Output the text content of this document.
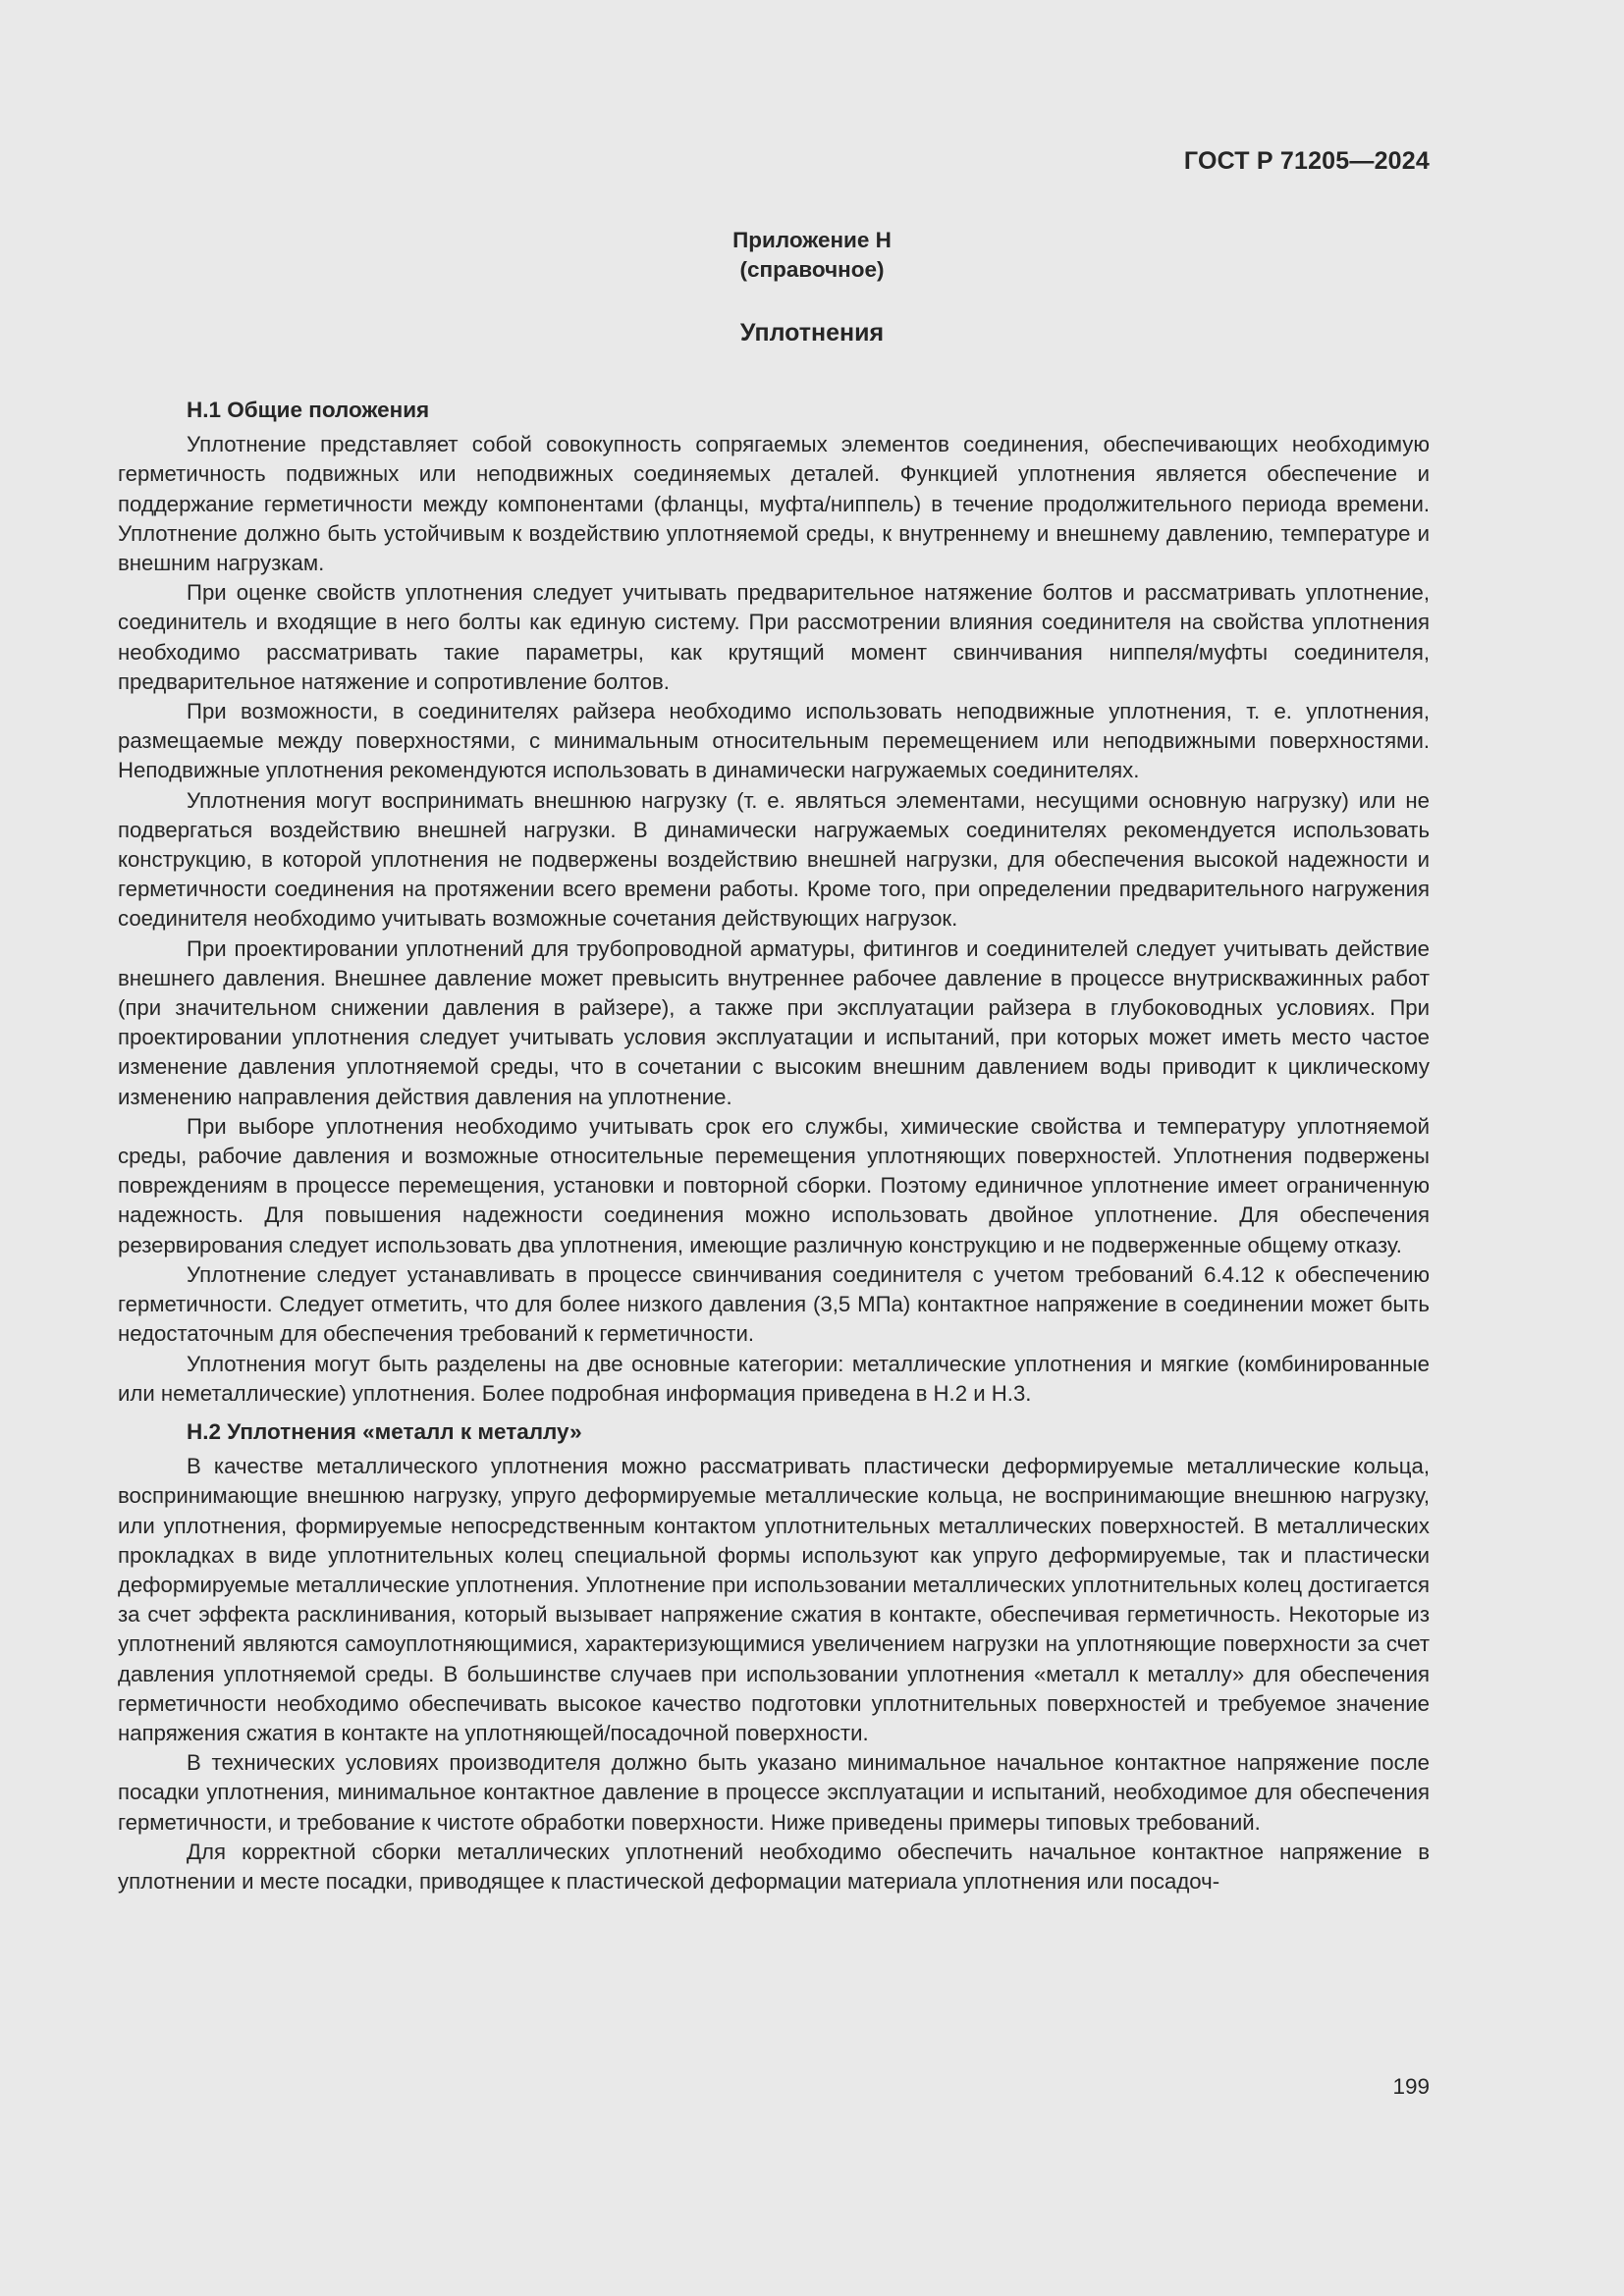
ГОСТ Р 71205—2024
Приложение Н
(справочное)
Уплотнения
Н.1 Общие положения

Уплотнение представляет собой совокупность сопрягаемых элементов соединения, обеспечивающих необходимую герметичность подвижных или неподвижных соединяемых деталей. Функцией уплотнения является обеспечение и поддержание герметичности между компонентами (фланцы, муфта/ниппель) в течение продолжительного периода времени. Уплотнение должно быть устойчивым к воздействию уплотняемой среды, к внутреннему и внешнему давлению, температуре и внешним нагрузкам.

При оценке свойств уплотнения следует учитывать предварительное натяжение болтов и рассматривать уплотнение, соединитель и входящие в него болты как единую систему. При рассмотрении влияния соединителя на свойства уплотнения необходимо рассматривать такие параметры, как крутящий момент свинчивания ниппеля/муфты соединителя, предварительное натяжение и сопротивление болтов.

При возможности, в соединителях райзера необходимо использовать неподвижные уплотнения, т. е. уплотнения, размещаемые между поверхностями, с минимальным относительным перемещением или неподвижными поверхностями. Неподвижные уплотнения рекомендуются использовать в динамически нагружаемых соединителях.

Уплотнения могут воспринимать внешнюю нагрузку (т. е. являться элементами, несущими основную нагрузку) или не подвергаться воздействию внешней нагрузки. В динамически нагружаемых соединителях рекомендуется использовать конструкцию, в которой уплотнения не подвержены воздействию внешней нагрузки, для обеспечения высокой надежности и герметичности соединения на протяжении всего времени работы. Кроме того, при определении предварительного нагружения соединителя необходимо учитывать возможные сочетания действующих нагрузок.

При проектировании уплотнений для трубопроводной арматуры, фитингов и соединителей следует учитывать действие внешнего давления. Внешнее давление может превысить внутреннее рабочее давление в процессе внутрискважинных работ (при значительном снижении давления в райзере), а также при эксплуатации райзера в глубоководных условиях. При проектировании уплотнения следует учитывать условия эксплуатации и испытаний, при которых может иметь место частое изменение давления уплотняемой среды, что в сочетании с высоким внешним давлением воды приводит к циклическому изменению направления действия давления на уплотнение.

При выборе уплотнения необходимо учитывать срок его службы, химические свойства и температуру уплотняемой среды, рабочие давления и возможные относительные перемещения уплотняющих поверхностей. Уплотнения подвержены повреждениям в процессе перемещения, установки и повторной сборки. Поэтому единичное уплотнение имеет ограниченную надежность. Для повышения надежности соединения можно использовать двойное уплотнение. Для обеспечения резервирования следует использовать два уплотнения, имеющие различную конструкцию и не подверженные общему отказу.

Уплотнение следует устанавливать в процессе свинчивания соединителя с учетом требований 6.4.12 к обеспечению герметичности. Следует отметить, что для более низкого давления (3,5 МПа) контактное напряжение в соединении может быть недостаточным для обеспечения требований к герметичности.

Уплотнения могут быть разделены на две основные категории: металлические уплотнения и мягкие (комбинированные или неметаллические) уплотнения. Более подробная информация приведена в Н.2 и Н.3.

Н.2 Уплотнения «металл к металлу»

В качестве металлического уплотнения можно рассматривать пластически деформируемые металлические кольца, воспринимающие внешнюю нагрузку, упруго деформируемые металлические кольца, не воспринимающие внешнюю нагрузку, или уплотнения, формируемые непосредственным контактом уплотнительных металлических поверхностей. В металлических прокладках в виде уплотнительных колец специальной формы используют как упруго деформируемые, так и пластически деформируемые металлические уплотнения. Уплотнение при использовании металлических уплотнительных колец достигается за счет эффекта расклинивания, который вызывает напряжение сжатия в контакте, обеспечивая герметичность. Некоторые из уплотнений являются самоуплотняющимися, характеризующимися увеличением нагрузки на уплотняющие поверхности за счет давления уплотняемой среды. В большинстве случаев при использовании уплотнения «металл к металлу» для обеспечения герметичности необходимо обеспечивать высокое качество подготовки уплотнительных поверхностей и требуемое значение напряжения сжатия в контакте на уплотняющей/посадочной поверхности.

В технических условиях производителя должно быть указано минимальное начальное контактное напряжение после посадки уплотнения, минимальное контактное давление в процессе эксплуатации и испытаний, необходимое для обеспечения герметичности, и требование к чистоте обработки поверхности. Ниже приведены примеры типовых требований.

Для корректной сборки металлических уплотнений необходимо обеспечить начальное контактное напряжение в уплотнении и месте посадки, приводящее к пластической деформации материала уплотнения или посадоч-

199
